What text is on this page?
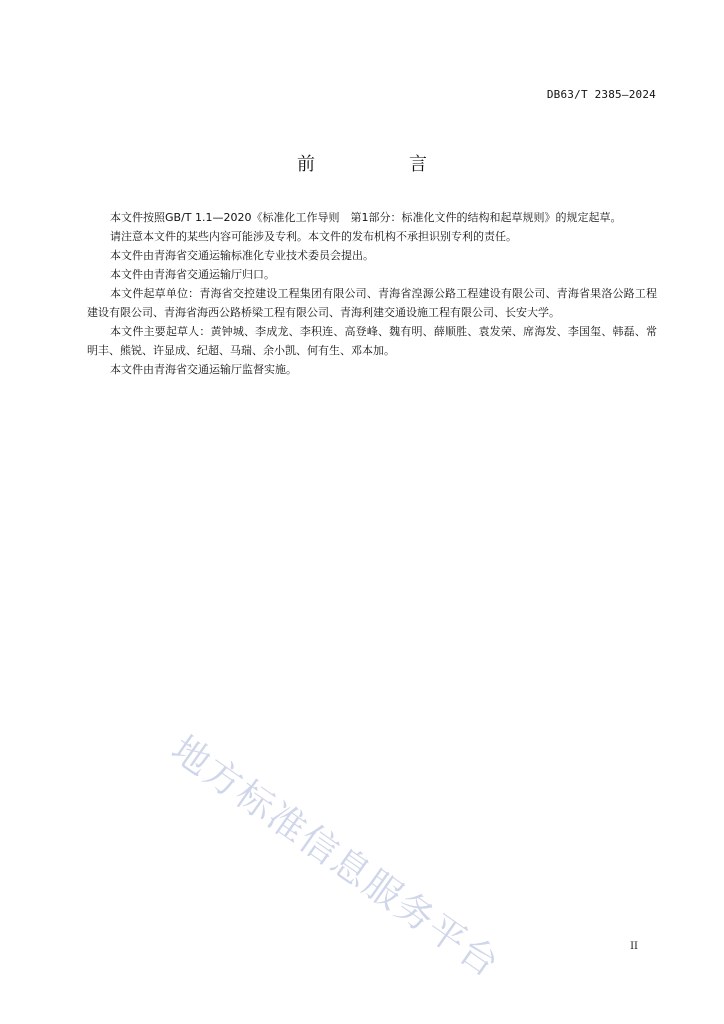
DB63/T 2385—2024
前　言

本文件按照GB/T 1.1—2020《标准化工作导则　第1部分：标准化文件的结构和起草规则》的规定起草。

请注意本文件的某些内容可能涉及专利。本文件的发布机构不承担识别专利的责任。

本文件由青海省交通运输标准化专业技术委员会提出。

本文件由青海省交通运输厅归口。

本文件起草单位：青海省交控建设工程集团有限公司、青海省湟源公路工程建设有限公司、青海省果洛公路工程建设有限公司、青海省海西公路桥梁工程有限公司、青海利建交通设施工程有限公司、长安大学。

本文件主要起草人：黄钟城、李成龙、李积连、高登峰、魏有明、薛顺胜、袁发荣、席海发、李国玺、韩磊、常明丰、熊锐、许显成、纪超、马瑞、余小凯、何有生、邓本加。

本文件由青海省交通运输厅监督实施。

地方标准信息服务平台	II
